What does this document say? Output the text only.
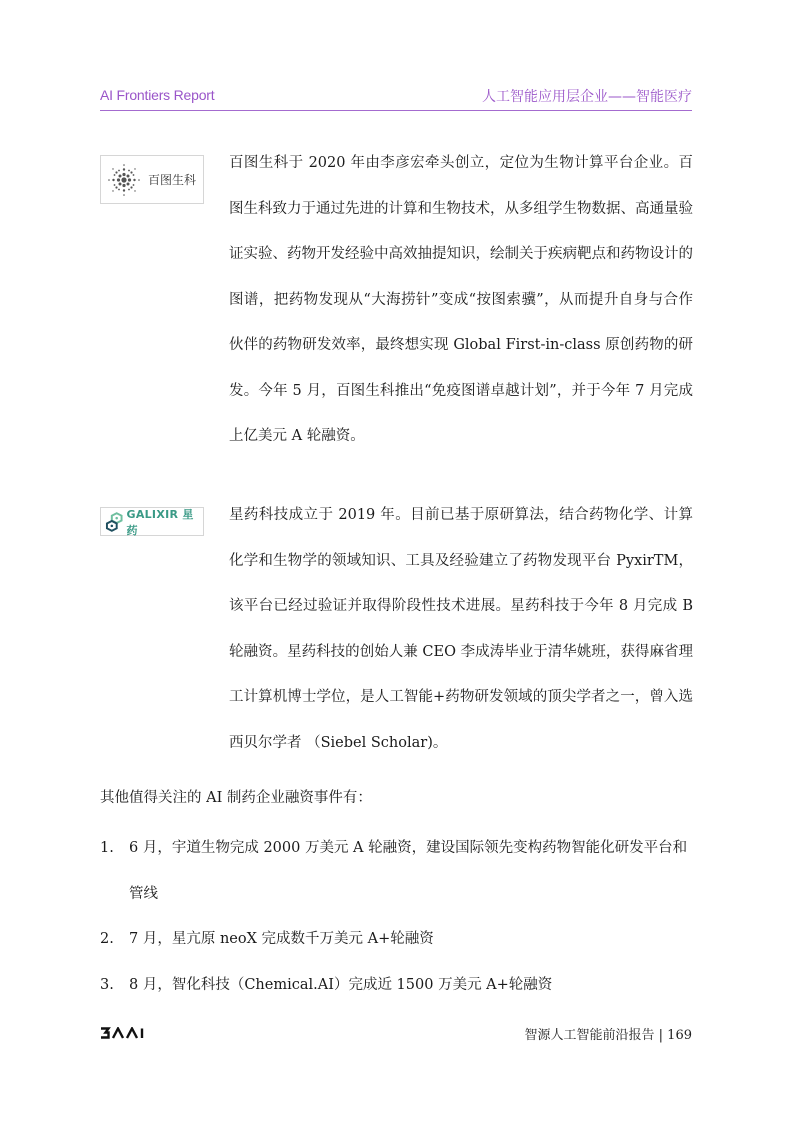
AI Frontiers Report	人工智能应用层企业——智能医疗
百图生科
百图生科于 2020 年由李彦宏牵头创立，定位为生物计算平台企业。百图生科致力于通过先进的计算和生物技术，从多组学生物数据、高通量验证实验、药物开发经验中高效抽提知识，绘制关于疾病靶点和药物设计的图谱，把药物发现从“大海捞针”变成“按图索骥”，从而提升自身与合作伙伴的药物研发效率，最终想实现 Global First-in-class 原创药物的研发。今年 5 月，百图生科推出“免疫图谱卓越计划”，并于今年 7 月完成上亿美元 A 轮融资。
GALIXIR 星药
星药科技成立于 2019 年。目前已基于原研算法，结合药物化学、计算化学和生物学的领域知识、工具及经验建立了药物发现平台 PyxirTM，该平台已经过验证并取得阶段性技术进展。星药科技于今年 8 月完成 B 轮融资。星药科技的创始人兼 CEO 李成涛毕业于清华姚班，获得麻省理工计算机博士学位，是人工智能+药物研发领域的顶尖学者之一，曾入选西贝尔学者 （Siebel Scholar)。
其他值得关注的 AI 制药企业融资事件有：
1.	6 月，宇道生物完成 2000 万美元 A 轮融资，建设国际领先变构药物智能化研发平台和管线
2.	7 月，星亢原 neoX 完成数千万美元 A+轮融资
3.	8 月，智化科技（Chemical.AI）完成近 1500 万美元 A+轮融资
智源人工智能前沿报告 | 169
